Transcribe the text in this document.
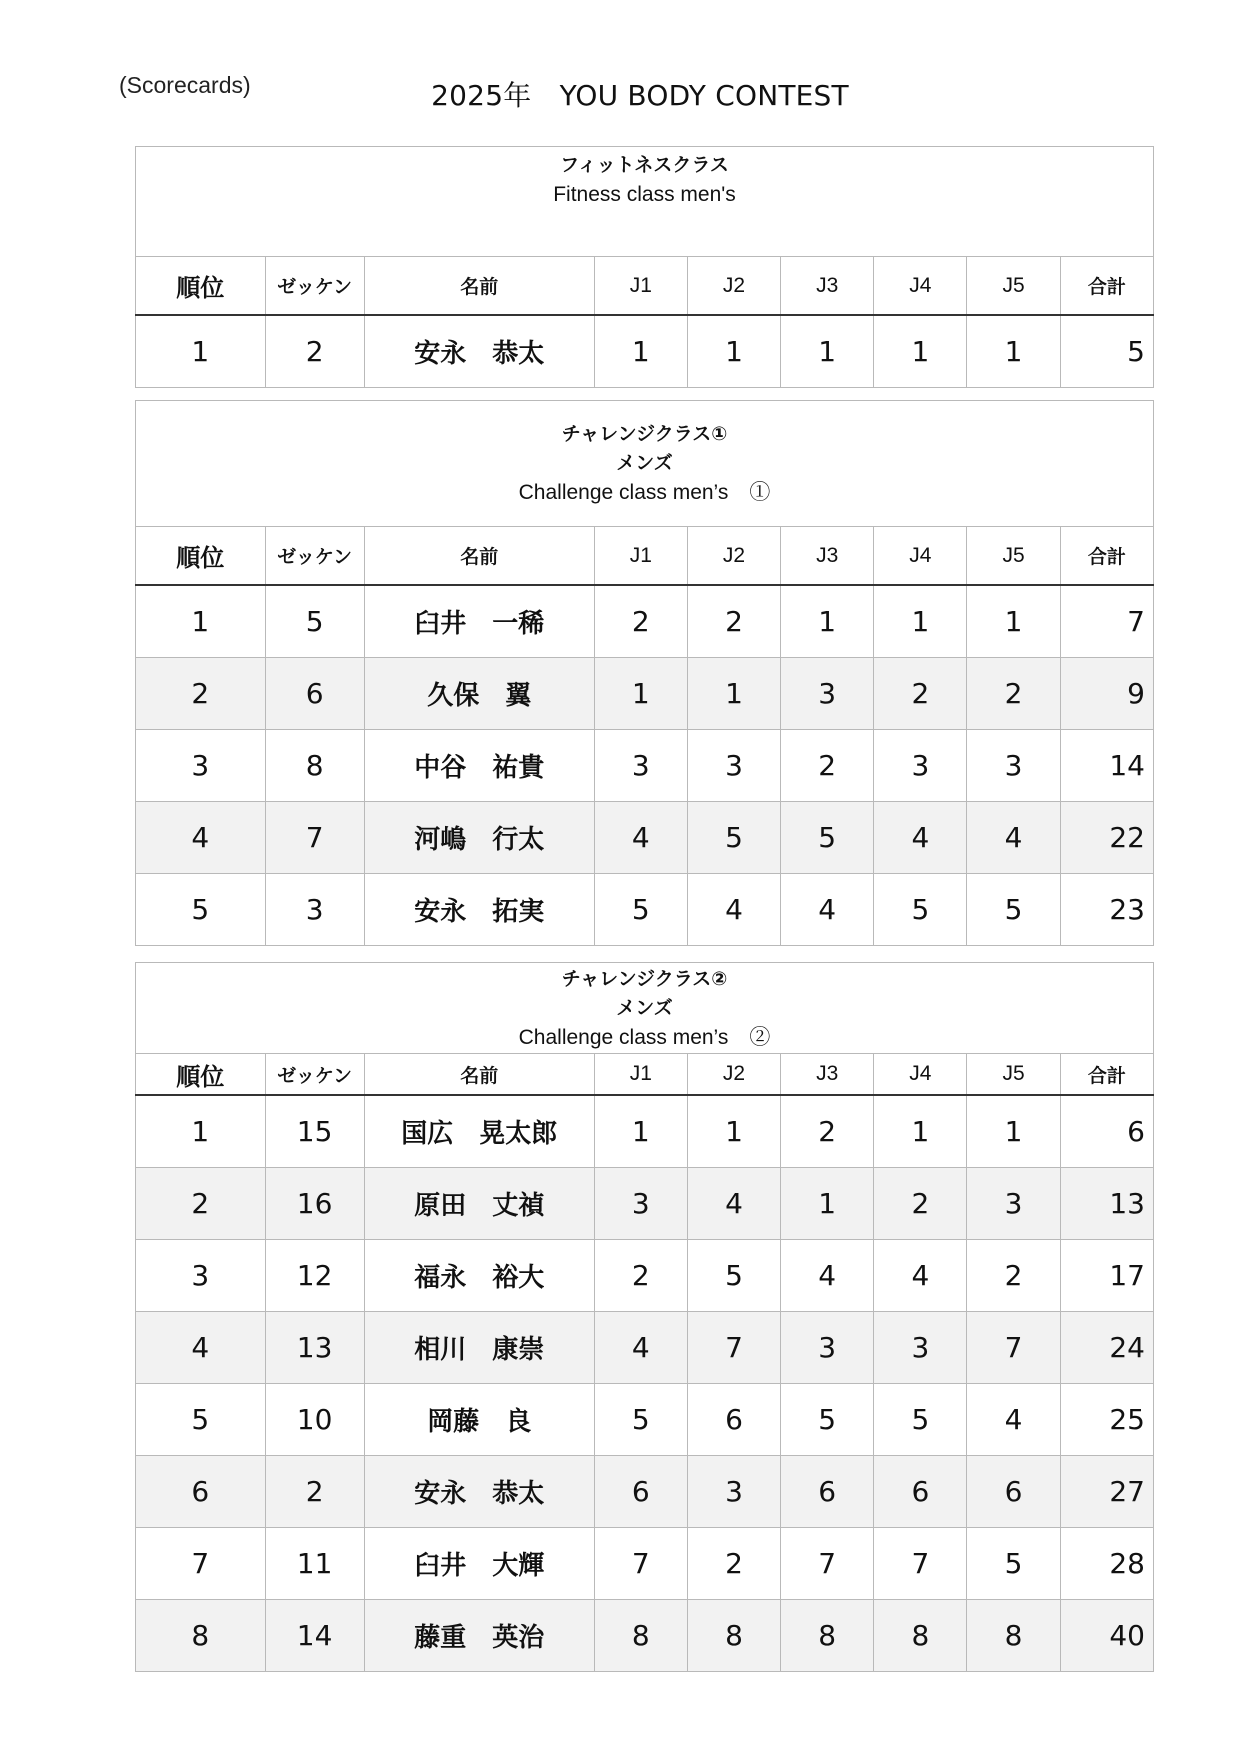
(Scorecards)	2025年　YOU BODY CONTEST
フィットネスクラス
Fitness class men's								

順位	ゼッケン	名前	J1	J2	J3	J4	J5	合計
1	2	安永　恭太	1	1	1	1	1	5
チャレンジクラス①
メンズ
Challenge class men’s　①								

順位	ゼッケン	名前	J1	J2	J3	J4	J5	合計
1	5	臼井　一稀	2	2	1	1	1	7
2	6	久保　翼	1	1	3	2	2	9
3	8	中谷　祐貴	3	3	2	3	3	14
4	7	河嶋　行太	4	5	5	4	4	22
5	3	安永　拓実	5	4	4	5	5	23
チャレンジクラス②
メンズ
Challenge class men’s　②								

順位	ゼッケン	名前	J1	J2	J3	J4	J5	合計
1	15	国広　晃太郎	1	1	2	1	1	6
2	16	原田　丈禎	3	4	1	2	3	13
3	12	福永　裕大	2	5	4	4	2	17
4	13	相川　康崇	4	7	3	3	7	24
5	10	岡藤　良	5	6	5	5	4	25
6	2	安永　恭太	6	3	6	6	6	27
7	11	臼井　大輝	7	2	7	7	5	28
8	14	藤重　英治	8	8	8	8	8	40
